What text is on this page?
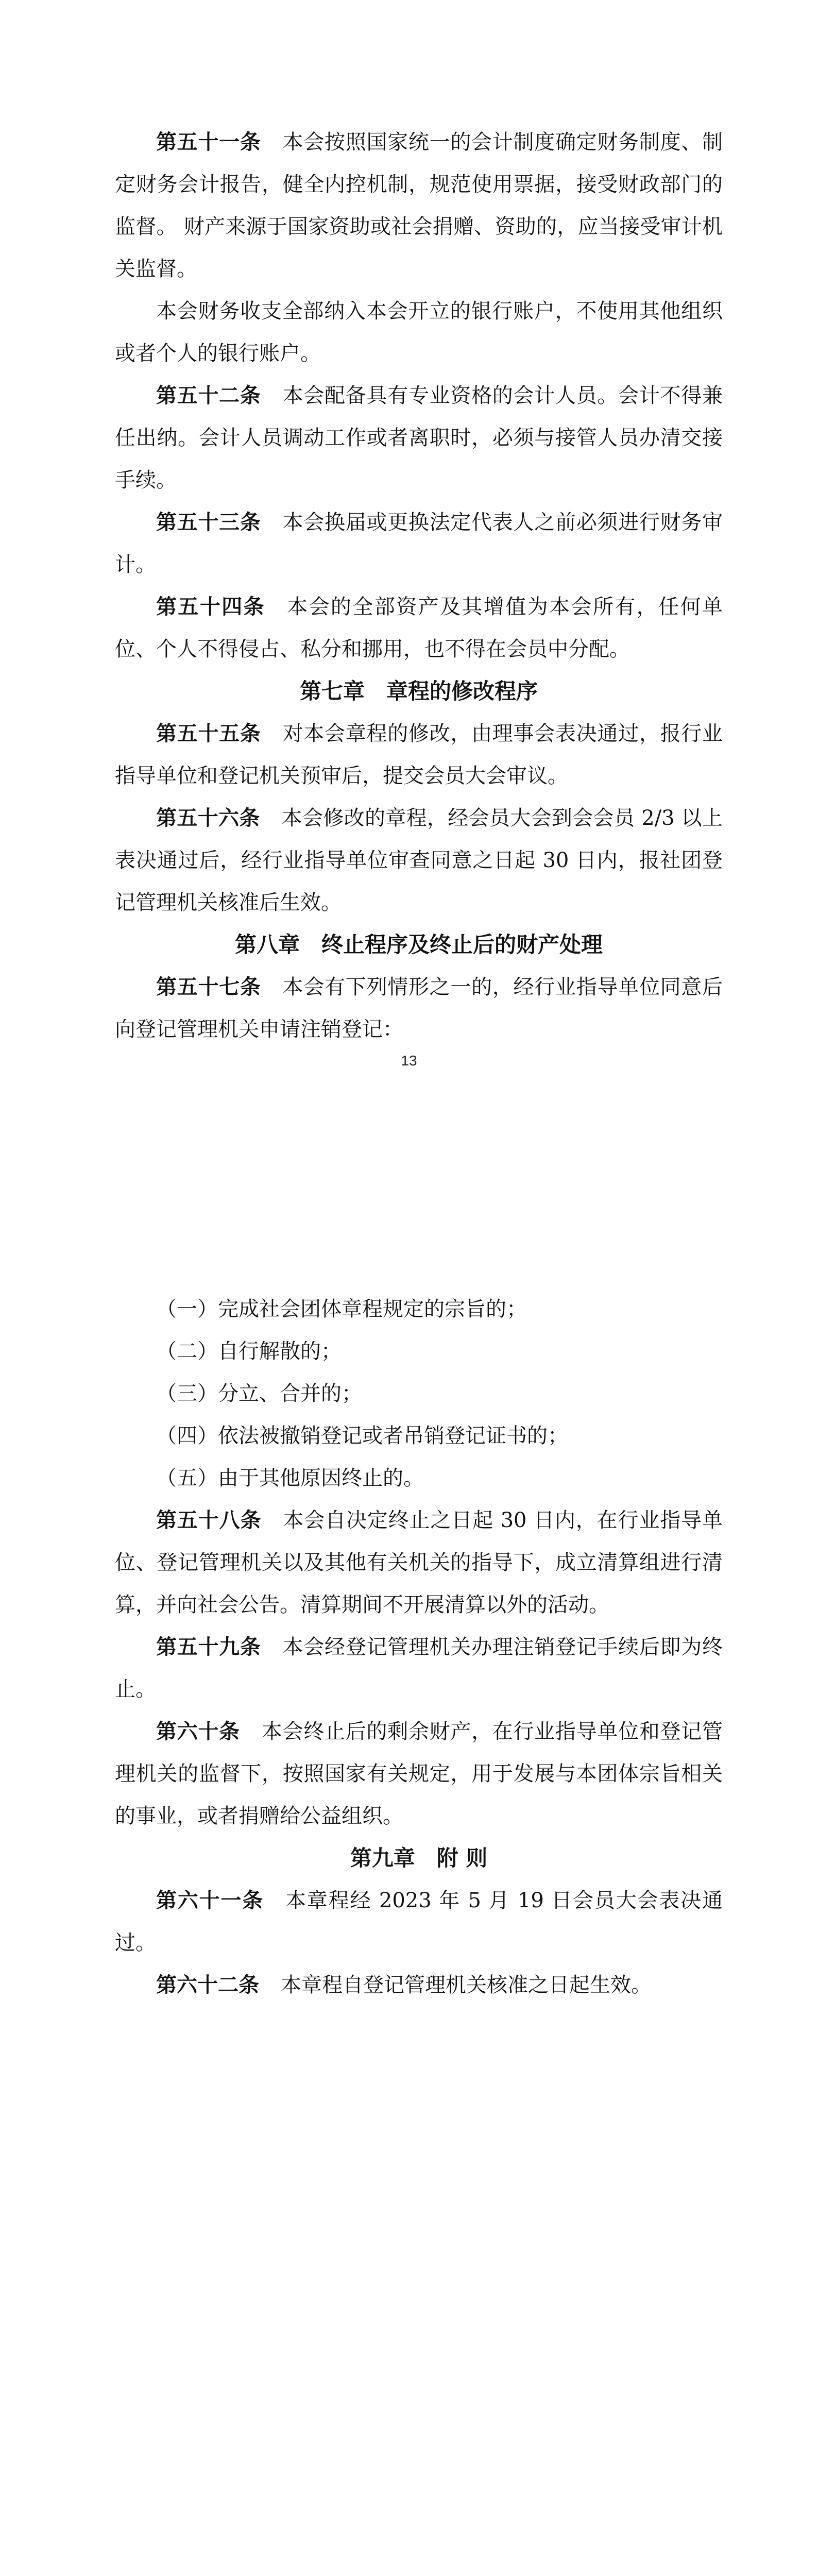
第五十一条 本会按照国家统一的会计制度确定财务制度、制定财务会计报告，健全内控机制，规范使用票据，接受财政部门的监督。 财产来源于国家资助或社会捐赠、资助的，应当接受审计机关监督。

本会财务收支全部纳入本会开立的银行账户，不使用其他组织或者个人的银行账户。

第五十二条 本会配备具有专业资格的会计人员。会计不得兼任出纳。会计人员调动工作或者离职时，必须与接管人员办清交接手续。

第五十三条 本会换届或更换法定代表人之前必须进行财务审计。

第五十四条 本会的全部资产及其增值为本会所有，任何单位、个人不得侵占、私分和挪用，也不得在会员中分配。

第七章　章程的修改程序

第五十五条 对本会章程的修改，由理事会表决通过，报行业指导单位和登记机关预审后，提交会员大会审议。

第五十六条 本会修改的章程，经会员大会到会会员 2/3 以上表决通过后，经行业指导单位审查同意之日起 30 日内，报社团登记管理机关核准后生效。

第八章　终止程序及终止后的财产处理

第五十七条 本会有下列情形之一的，经行业指导单位同意后向登记管理机关申请注销登记：

13

（一）完成社会团体章程规定的宗旨的；

（二）自行解散的；

（三）分立、合并的；

（四）依法被撤销登记或者吊销登记证书的；

（五）由于其他原因终止的。

第五十八条 本会自决定终止之日起 30 日内，在行业指导单位、登记管理机关以及其他有关机关的指导下，成立清算组进行清算，并向社会公告。清算期间不开展清算以外的活动。

第五十九条 本会经登记管理机关办理注销登记手续后即为终止。

第六十条 本会终止后的剩余财产，在行业指导单位和登记管理机关的监督下，按照国家有关规定，用于发展与本团体宗旨相关的事业，或者捐赠给公益组织。

第九章　附 则

第六十一条 本章程经 2023 年 5 月 19 日会员大会表决通过。

第六十二条 本章程自登记管理机关核准之日起生效。
